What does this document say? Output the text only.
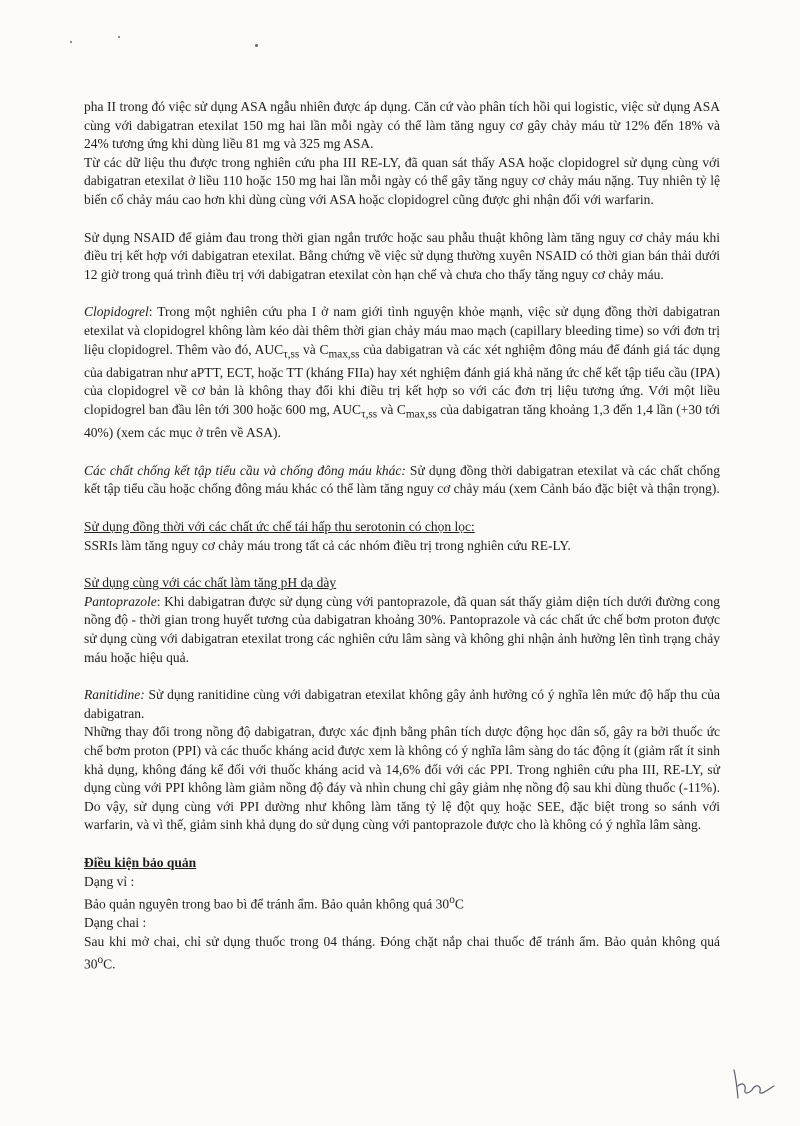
pha II trong đó việc sử dụng ASA ngẫu nhiên được áp dụng. Căn cứ vào phân tích hồi qui logistic, việc sử dụng ASA cùng với dabigatran etexilat 150 mg hai lần mỗi ngày có thể làm tăng nguy cơ gây chảy máu từ 12% đến 18% và 24% tương ứng khi dùng liều 81 mg và 325 mg ASA.

Từ các dữ liệu thu được trong nghiên cứu pha III RE-LY, đã quan sát thấy ASA hoặc clopidogrel sử dụng cùng với dabigatran etexilat ở liều 110 hoặc 150 mg hai lần mỗi ngày có thể gây tăng nguy cơ chảy máu nặng. Tuy nhiên tỷ lệ biến cố chảy máu cao hơn khi dùng cùng với ASA hoặc clopidogrel cũng được ghi nhận đối với warfarin.

Sử dụng NSAID để giảm đau trong thời gian ngắn trước hoặc sau phẫu thuật không làm tăng nguy cơ chảy máu khi điều trị kết hợp với dabigatran etexilat. Bằng chứng về việc sử dụng thường xuyên NSAID có thời gian bán thải dưới 12 giờ trong quá trình điều trị với dabigatran etexilat còn hạn chế và chưa cho thấy tăng nguy cơ chảy máu.

Clopidogrel: Trong một nghiên cứu pha I ở nam giới tình nguyện khỏe mạnh, việc sử dụng đồng thời dabigatran etexilat và clopidogrel không làm kéo dài thêm thời gian chảy máu mao mạch (capillary bleeding time) so với đơn trị liệu clopidogrel. Thêm vào đó, $AUC_{\tau,ss}$ và $C_{max,ss}$ của dabigatran và các xét nghiệm đông máu để đánh giá tác dụng của dabigatran như aPTT, ECT, hoặc TT (kháng FIIa) hay xét nghiệm đánh giá khả năng ức chế kết tập tiểu cầu (IPA) của clopidogrel về cơ bản là không thay đổi khi điều trị kết hợp so với các đơn trị liệu tương ứng. Với một liều clopidogrel ban đầu lên tới 300 hoặc 600 mg, $AUC_{\tau,ss}$ và $C_{max,ss}$ của dabigatran tăng khoảng 1,3 đến 1,4 lần (+30 tới 40%) (xem các mục ở trên về ASA).

Các chất chống kết tập tiểu cầu và chống đông máu khác: Sử dụng đồng thời dabigatran etexilat và các chất chống kết tập tiểu cầu hoặc chống đông máu khác có thể làm tăng nguy cơ chảy máu (xem Cảnh báo đặc biệt và thận trọng).

Sử dụng đồng thời với các chất ức chế tái hấp thu serotonin có chọn lọc:

SSRIs làm tăng nguy cơ chảy máu trong tất cả các nhóm điều trị trong nghiên cứu RE-LY.

Sử dụng cùng với các chất làm tăng pH dạ dày

Pantoprazole: Khi dabigatran được sử dụng cùng với pantoprazole, đã quan sát thấy giảm diện tích dưới đường cong nồng độ - thời gian trong huyết tương của dabigatran khoảng 30%. Pantoprazole và các chất ức chế bơm proton được sử dụng cùng với dabigatran etexilat trong các nghiên cứu lâm sàng và không ghi nhận ảnh hưởng lên tình trạng chảy máu hoặc hiệu quả.

Ranitidine: Sử dụng ranitidine cùng với dabigatran etexilat không gây ảnh hưởng có ý nghĩa lên mức độ hấp thu của dabigatran.

Những thay đổi trong nồng độ dabigatran, được xác định bằng phân tích dược động học dân số, gây ra bởi thuốc ức chế bơm proton (PPI) và các thuốc kháng acid được xem là không có ý nghĩa lâm sàng do tác động ít (giảm rất ít sinh khả dụng, không đáng kể đối với thuốc kháng acid và 14,6% đối với các PPI. Trong nghiên cứu pha III, RE-LY, sử dụng cùng với PPI không làm giảm nồng độ đáy và nhìn chung chỉ gây giảm nhẹ nồng độ sau khi dùng thuốc (-11%). Do vậy, sử dụng cùng với PPI dường như không làm tăng tỷ lệ đột quỵ hoặc SEE, đặc biệt trong so sánh với warfarin, và vì thế, giảm sinh khả dụng do sử dụng cùng với pantoprazole được cho là không có ý nghĩa lâm sàng.

Điều kiện bảo quản

Dạng vỉ :

Bảo quản nguyên trong bao bì để tránh ẩm. Bảo quản không quá 30$^o$C

Dạng chai :

Sau khi mở chai, chỉ sử dụng thuốc trong 04 tháng. Đóng chặt nắp chai thuốc để tránh ẩm. Bảo quản không quá 30$^o$C.
